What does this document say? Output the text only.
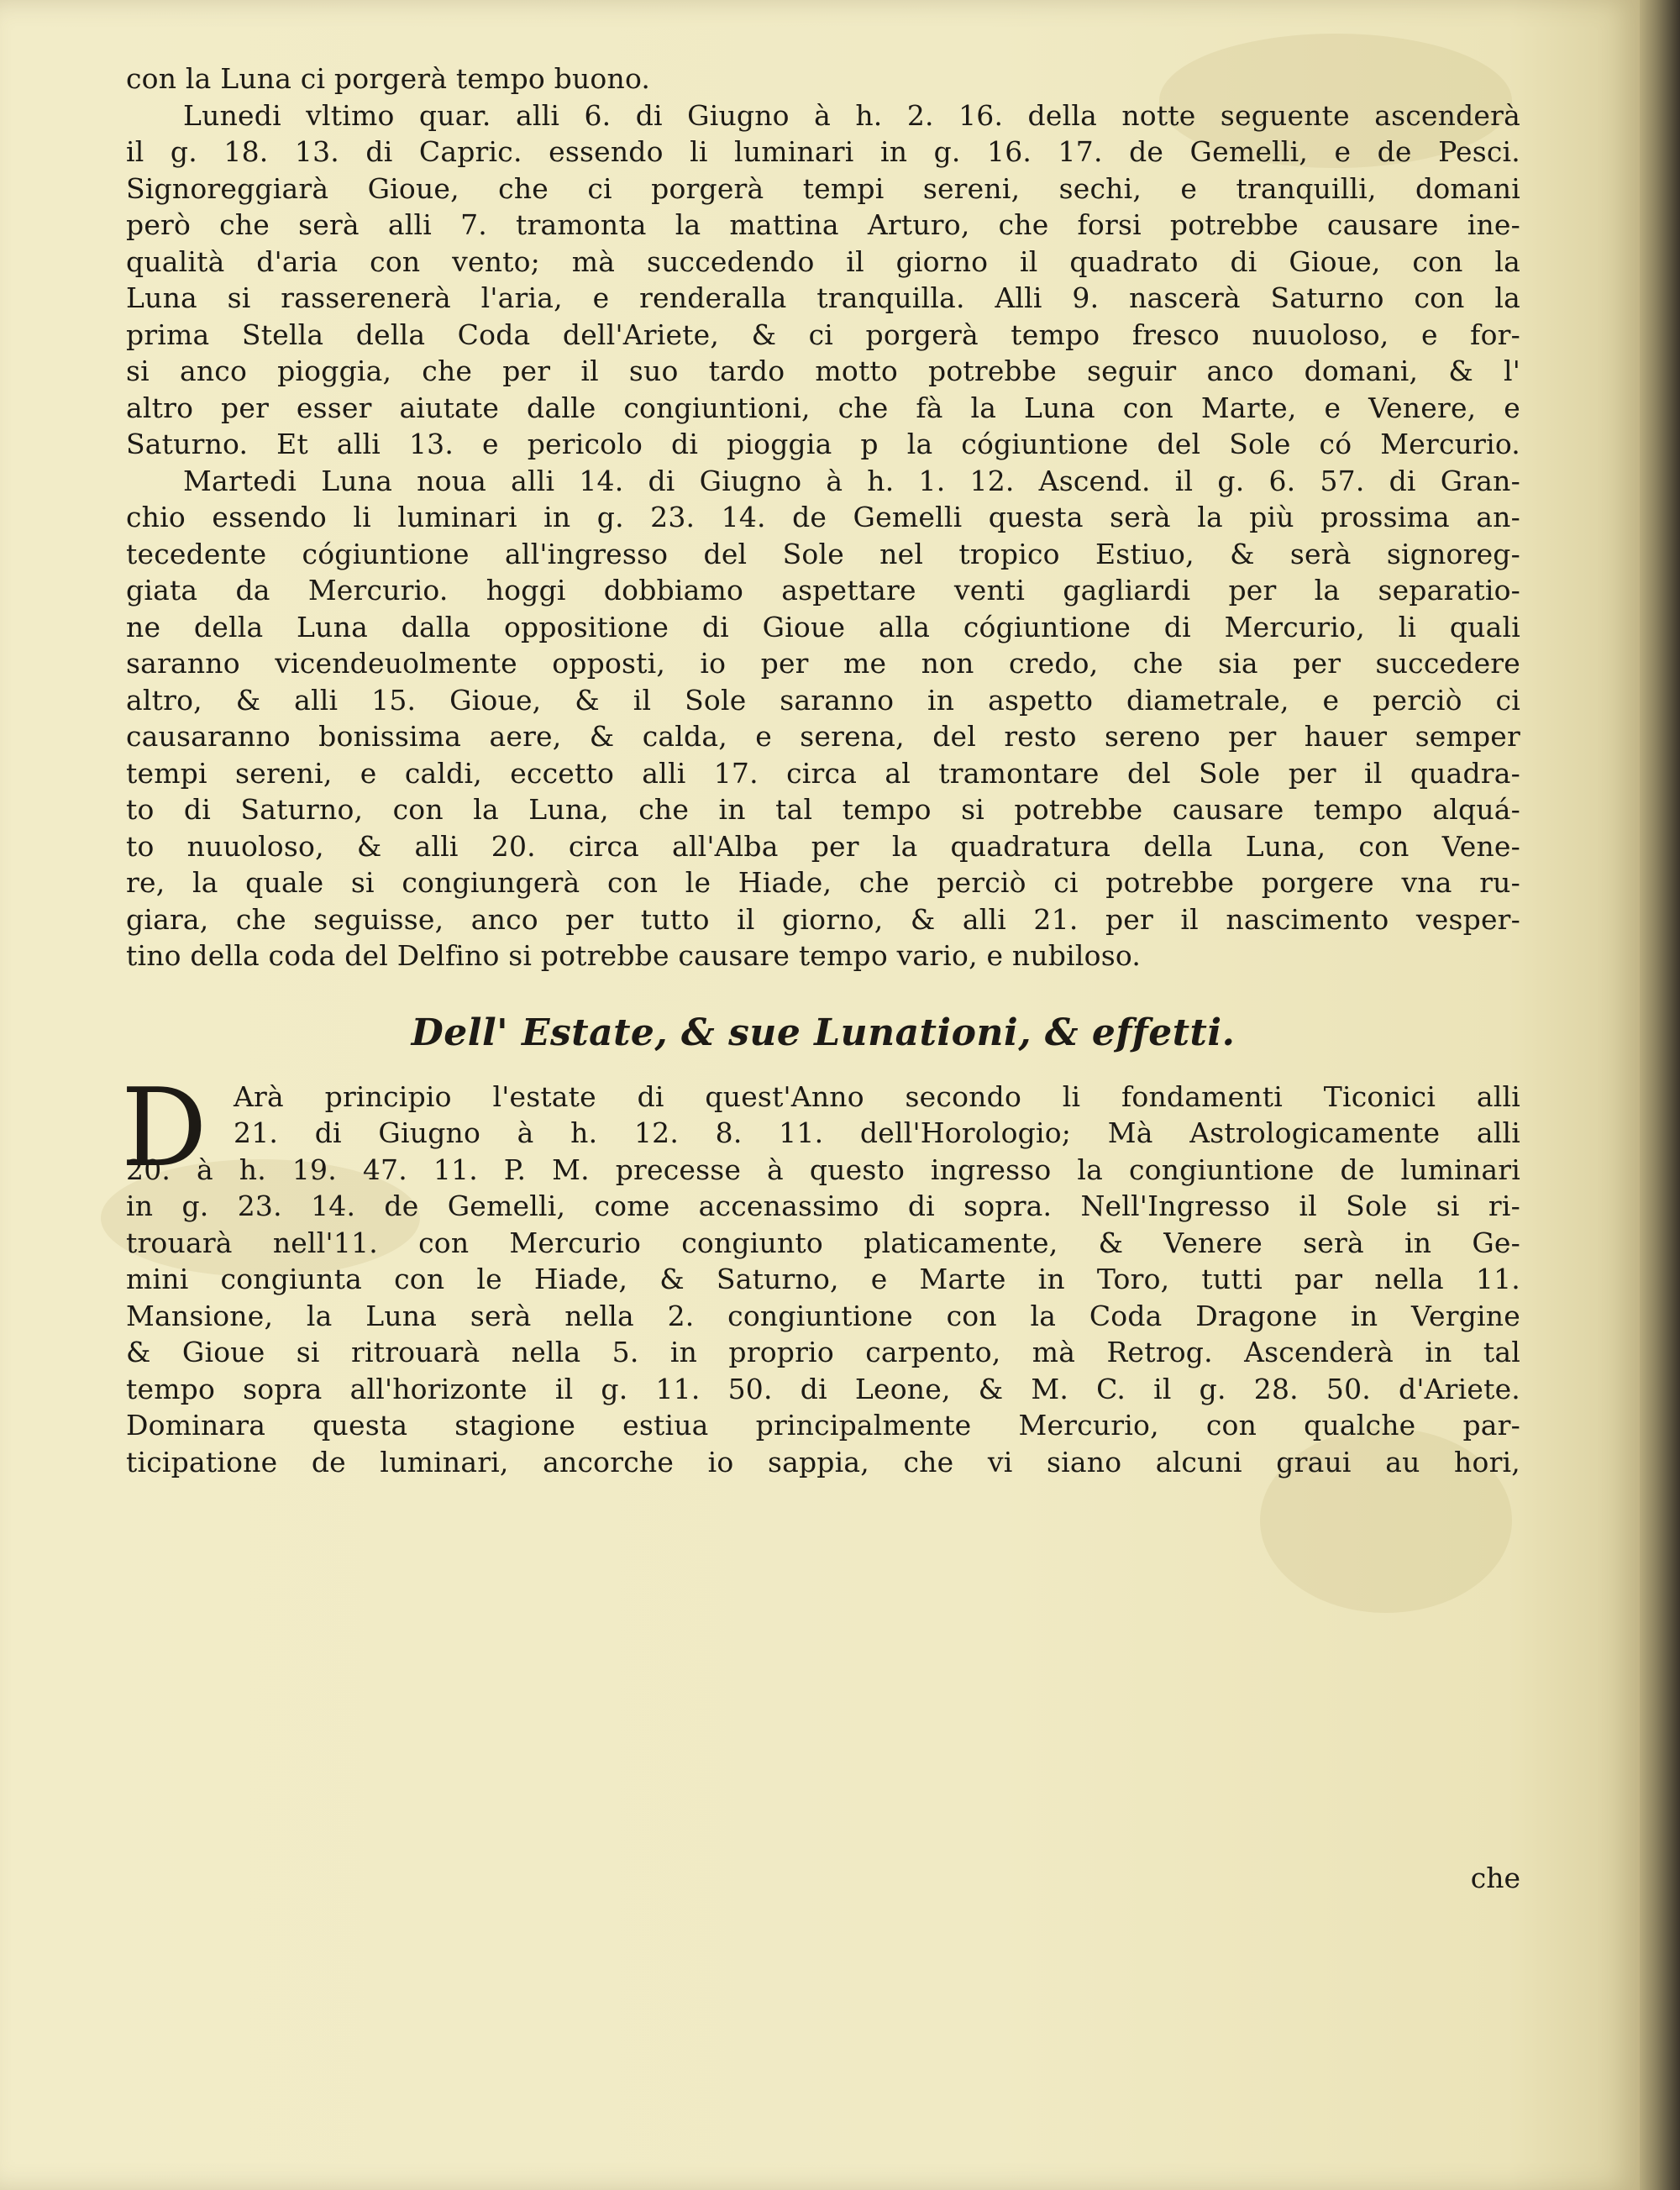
con la Luna ci porgerà tempo buono.
Lunedi vltimo quar. alli 6. di Giugno à h. 2. 16. della notte seguente ascenderà
il g. 18. 13. di Capric. essendo li luminari in g. 16. 17. de Gemelli, e de Pesci.
Signoreggiarà Gioue, che ci porgerà tempi sereni, sechi, e tranquilli, domani
però che serà alli 7. tramonta la mattina Arturo, che forsi potrebbe causare ine-
qualità d'aria con vento; mà succedendo il giorno il quadrato di Gioue, con la
Luna si rasserenerà l'aria, e renderalla tranquilla. Alli 9. nascerà Saturno con la
prima Stella della Coda dell'Ariete, & ci porgerà tempo fresco nuuoloso, e for-
si anco pioggia, che per il suo tardo motto potrebbe seguir anco domani, & l'
altro per esser aiutate dalle congiuntioni, che fà la Luna con Marte, e Venere, e
Saturno. Et alli 13. e pericolo di pioggia p la cógiuntione del Sole có Mercurio.
Martedi Luna noua alli 14. di Giugno à h. 1. 12. Ascend. il g. 6. 57. di Gran-
chio essendo li luminari in g. 23. 14. de Gemelli questa serà la più prossima an-
tecedente cógiuntione all'ingresso del Sole nel tropico Estiuo, & serà signoreg-
giata da Mercurio. hoggi dobbiamo aspettare venti gagliardi per la separatio-
ne della Luna dalla oppositione di Gioue alla cógiuntione di Mercurio, li quali
saranno vicendeuolmente opposti, io per me non credo, che sia per succedere
altro, & alli 15. Gioue, & il Sole saranno in aspetto diametrale, e perciò ci
causaranno bonissima aere, & calda, e serena, del resto sereno per hauer semper
tempi sereni, e caldi, eccetto alli 17. circa al tramontare del Sole per il quadra-
to di Saturno, con la Luna, che in tal tempo si potrebbe causare tempo alquá-
to nuuoloso, & alli 20. circa all'Alba per la quadratura della Luna, con Vene-
re, la quale si congiungerà con le Hiade, che perciò ci potrebbe porgere vna ru-
giara, che seguisse, anco per tutto il giorno, & alli 21. per il nascimento vesper-
tino della coda del Delfino si potrebbe causare tempo vario, e nubiloso.
Dell' Estate, & sue Lunationi, & effetti.
D Arà principio l'estate di quest'Anno secondo li fondamenti Ticonici alli
21. di Giugno à h. 12. 8. 11. dell'Horologio; Mà Astrologicamente alli
20. à h. 19. 47. 11. P. M. precesse à questo ingresso la congiuntione de luminari
in g. 23. 14. de Gemelli, come accenassimo di sopra. Nell'Ingresso il Sole si ri-
trouarà nell'11. con Mercurio congiunto platicamente, & Venere serà in Ge-
mini congiunta con le Hiade, & Saturno, e Marte in Toro, tutti par nella 11.
Mansione, la Luna serà nella 2. congiuntione con la Coda Dragone in Vergine
& Gioue si ritrouarà nella 5. in proprio carpento, mà Retrog. Ascenderà in tal
tempo sopra all'horizonte il g. 11. 50. di Leone, & M. C. il g. 28. 50. d'Ariete.
Dominara questa stagione estiua principalmente Mercurio, con qualche par-
ticipatione de luminari, ancorche io sappia, che vi siano alcuni graui au hori,
che
